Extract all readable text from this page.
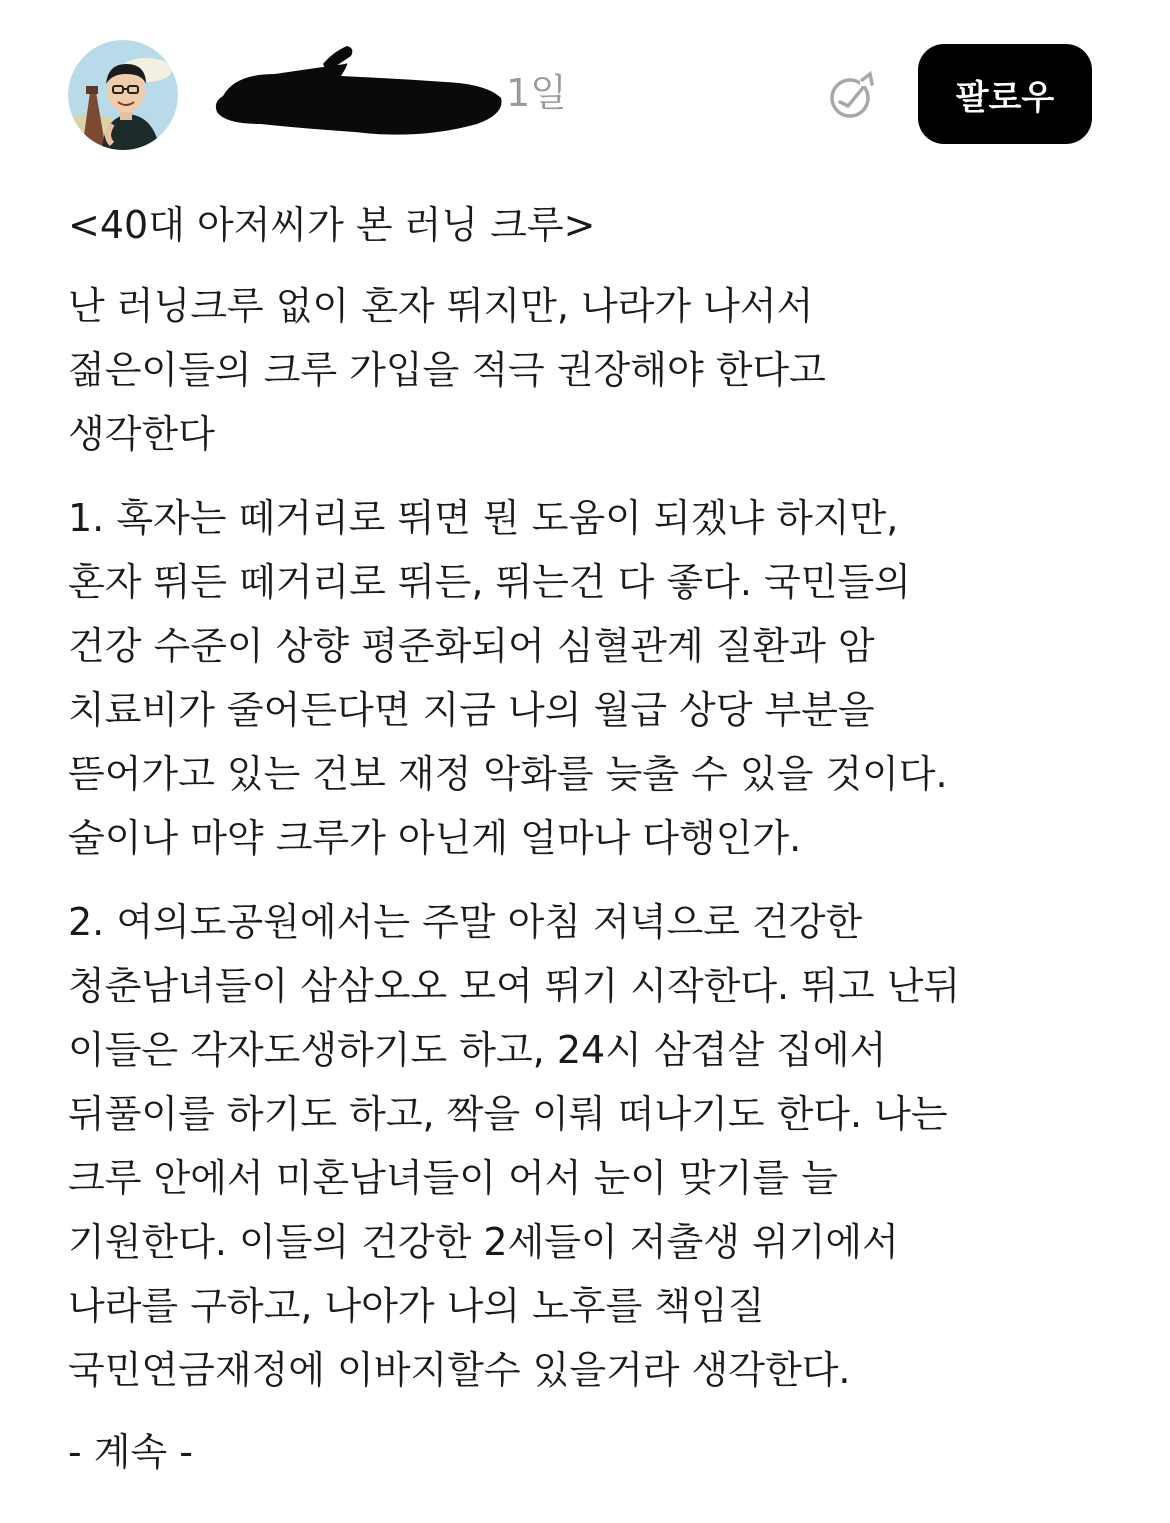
1일	팔로우
<40대 아저씨가 본 러닝 크루>

난 러닝크루 없이 혼자 뛰지만, 나라가 나서서
젊은이들의 크루 가입을 적극 권장해야 한다고
생각한다

1. 혹자는 떼거리로 뛰면 뭔 도움이 되겠냐 하지만,
혼자 뛰든 떼거리로 뛰든, 뛰는건 다 좋다. 국민들의
건강 수준이 상향 평준화되어 심혈관계 질환과 암
치료비가 줄어든다면 지금 나의 월급 상당 부분을
뜯어가고 있는 건보 재정 악화를 늦출 수 있을 것이다.
술이나 마약 크루가 아닌게 얼마나 다행인가.

2. 여의도공원에서는 주말 아침 저녁으로 건강한
청춘남녀들이 삼삼오오 모여 뛰기 시작한다. 뛰고 난뒤
이들은 각자도생하기도 하고, 24시 삼겹살 집에서
뒤풀이를 하기도 하고, 짝을 이뤄 떠나기도 한다. 나는
크루 안에서 미혼남녀들이 어서 눈이 맞기를 늘
기원한다. 이들의 건강한 2세들이 저출생 위기에서
나라를 구하고, 나아가 나의 노후를 책임질
국민연금재정에 이바지할수 있을거라 생각한다.

- 계속 -
